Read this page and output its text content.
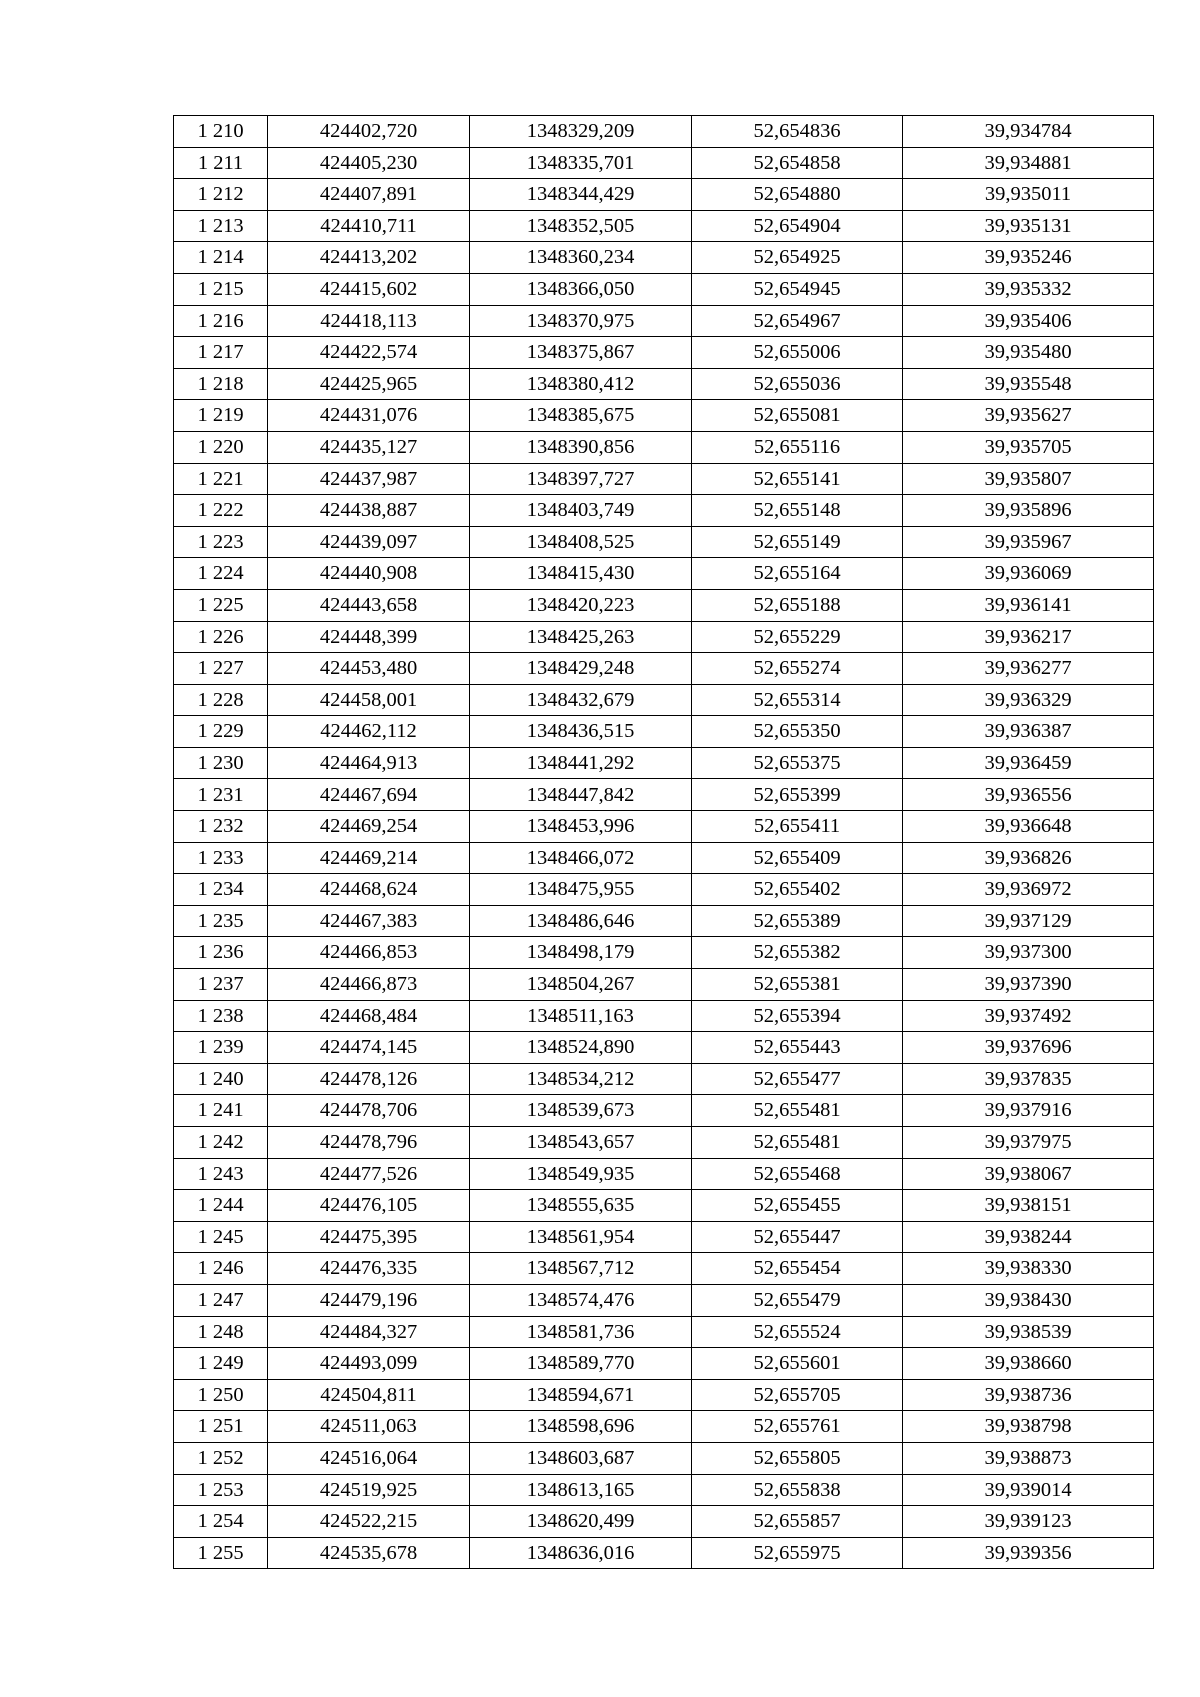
1 210	424402,720	1348329,209	52,654836	39,934784
1 211	424405,230	1348335,701	52,654858	39,934881
1 212	424407,891	1348344,429	52,654880	39,935011
1 213	424410,711	1348352,505	52,654904	39,935131
1 214	424413,202	1348360,234	52,654925	39,935246
1 215	424415,602	1348366,050	52,654945	39,935332
1 216	424418,113	1348370,975	52,654967	39,935406
1 217	424422,574	1348375,867	52,655006	39,935480
1 218	424425,965	1348380,412	52,655036	39,935548
1 219	424431,076	1348385,675	52,655081	39,935627
1 220	424435,127	1348390,856	52,655116	39,935705
1 221	424437,987	1348397,727	52,655141	39,935807
1 222	424438,887	1348403,749	52,655148	39,935896
1 223	424439,097	1348408,525	52,655149	39,935967
1 224	424440,908	1348415,430	52,655164	39,936069
1 225	424443,658	1348420,223	52,655188	39,936141
1 226	424448,399	1348425,263	52,655229	39,936217
1 227	424453,480	1348429,248	52,655274	39,936277
1 228	424458,001	1348432,679	52,655314	39,936329
1 229	424462,112	1348436,515	52,655350	39,936387
1 230	424464,913	1348441,292	52,655375	39,936459
1 231	424467,694	1348447,842	52,655399	39,936556
1 232	424469,254	1348453,996	52,655411	39,936648
1 233	424469,214	1348466,072	52,655409	39,936826
1 234	424468,624	1348475,955	52,655402	39,936972
1 235	424467,383	1348486,646	52,655389	39,937129
1 236	424466,853	1348498,179	52,655382	39,937300
1 237	424466,873	1348504,267	52,655381	39,937390
1 238	424468,484	1348511,163	52,655394	39,937492
1 239	424474,145	1348524,890	52,655443	39,937696
1 240	424478,126	1348534,212	52,655477	39,937835
1 241	424478,706	1348539,673	52,655481	39,937916
1 242	424478,796	1348543,657	52,655481	39,937975
1 243	424477,526	1348549,935	52,655468	39,938067
1 244	424476,105	1348555,635	52,655455	39,938151
1 245	424475,395	1348561,954	52,655447	39,938244
1 246	424476,335	1348567,712	52,655454	39,938330
1 247	424479,196	1348574,476	52,655479	39,938430
1 248	424484,327	1348581,736	52,655524	39,938539
1 249	424493,099	1348589,770	52,655601	39,938660
1 250	424504,811	1348594,671	52,655705	39,938736
1 251	424511,063	1348598,696	52,655761	39,938798
1 252	424516,064	1348603,687	52,655805	39,938873
1 253	424519,925	1348613,165	52,655838	39,939014
1 254	424522,215	1348620,499	52,655857	39,939123
1 255	424535,678	1348636,016	52,655975	39,939356
